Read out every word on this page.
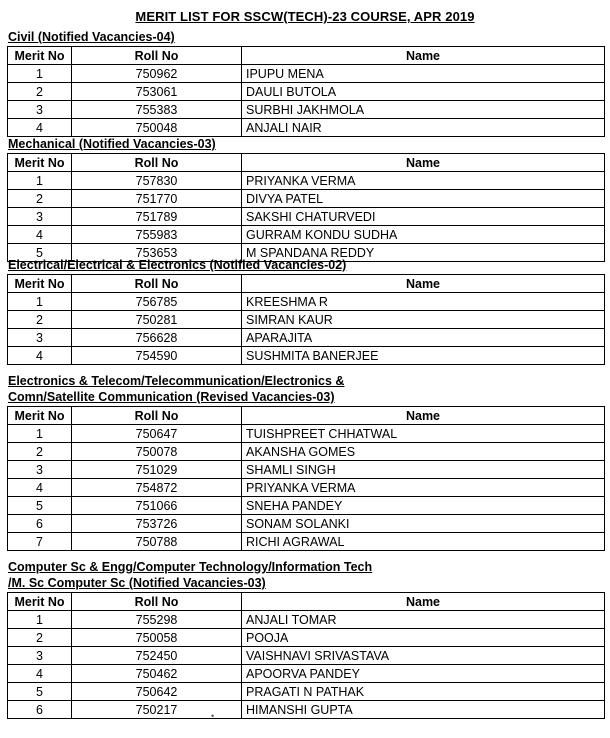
MERIT LIST FOR SSCW(TECH)-23 COURSE, APR 2019
Civil (Notified Vacancies-04)
Merit No	Roll No	Name
1	750962	IPUPU MENA
2	753061	DAULI BUTOLA
3	755383	SURBHI JAKHMOLA
4	750048	ANJALI NAIR
Mechanical (Notified Vacancies-03)
Merit No	Roll No	Name
1	757830	PRIYANKA VERMA
2	751770	DIVYA PATEL
3	751789	SAKSHI CHATURVEDI
4	755983	GURRAM KONDU SUDHA
5	753653	M SPANDANA REDDY
Electrical/Electrical & Electronics (Notified Vacancies-02)
Merit No	Roll No	Name
1	756785	KREESHMA R
2	750281	SIMRAN KAUR
3	756628	APARAJITA
4	754590	SUSHMITA BANERJEE
Electronics & Telecom/Telecommunication/Electronics &
Comn/Satellite Communication (Revised Vacancies-03)
Merit No	Roll No	Name
1	750647	TUISHPREET CHHATWAL
2	750078	AKANSHA GOMES
3	751029	SHAMLI SINGH
4	754872	PRIYANKA VERMA
5	751066	SNEHA PANDEY
6	753726	SONAM SOLANKI
7	750788	RICHI AGRAWAL
Computer Sc & Engg/Computer Technology/Information Tech
/M. Sc Computer Sc (Notified Vacancies-03)
Merit No	Roll No	Name
1	755298	ANJALI TOMAR
2	750058	POOJA
3	752450	VAISHNAVI SRIVASTAVA
4	750462	APOORVA PANDEY
5	750642	PRAGATI N PATHAK
6	750217	HIMANSHI GUPTA
•
